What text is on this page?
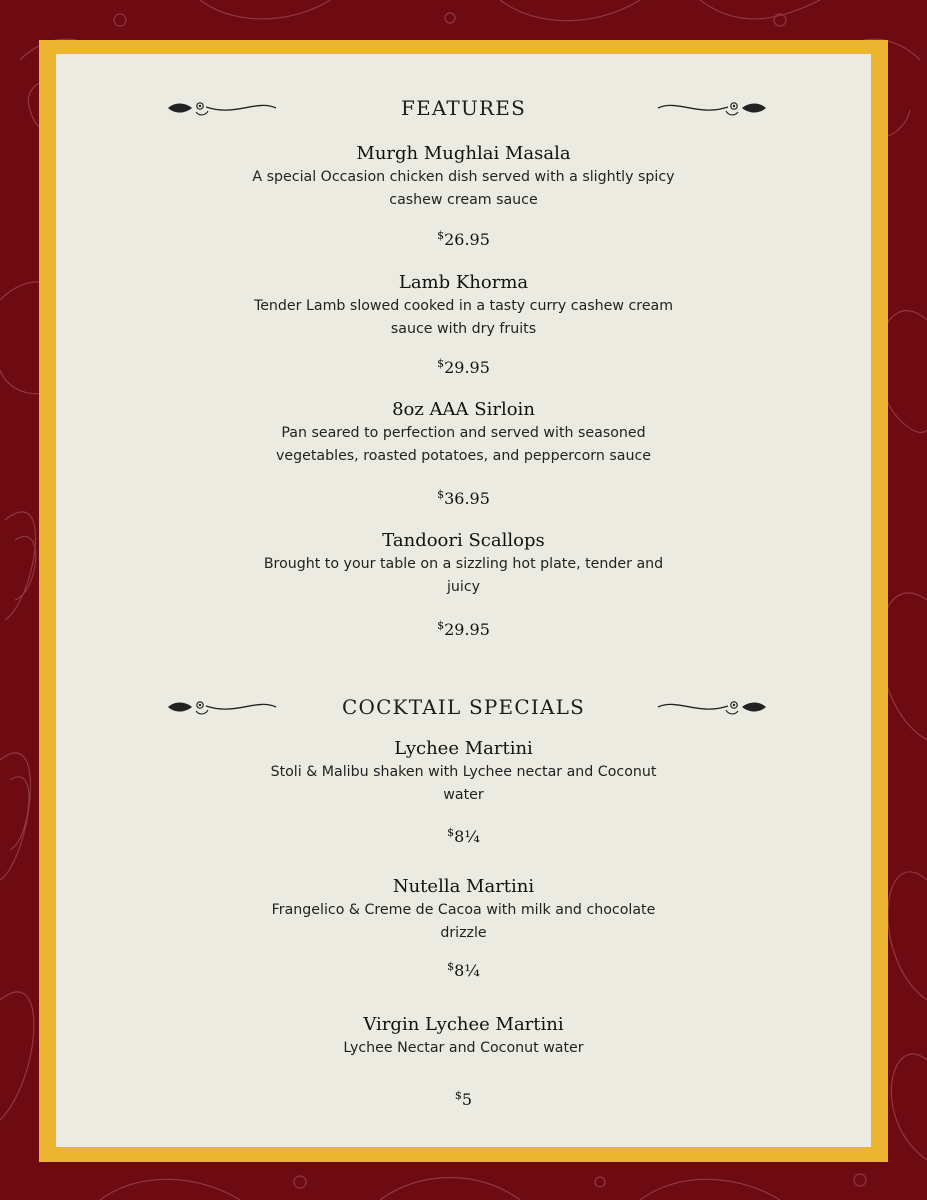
FEATURES
Murgh Mughlai Masala
A special Occasion chicken dish served with a slightly spicy cashew cream sauce
$26.95
Lamb Khorma
Tender Lamb slowed cooked in a tasty curry cashew cream sauce with dry fruits
$29.95
8oz AAA Sirloin
Pan seared to perfection and served with seasoned vegetables, roasted potatoes, and peppercorn sauce
$36.95
Tandoori Scallops
Brought to your table on a sizzling hot plate, tender and juicy
$29.95
COCKTAIL SPECIALS
Lychee Martini
Stoli & Malibu shaken with Lychee nectar and Coconut water
$8¼
Nutella Martini
Frangelico & Creme de Cacoa with milk and chocolate drizzle
$8¼
Virgin Lychee Martini
Lychee Nectar and Coconut water
$5
